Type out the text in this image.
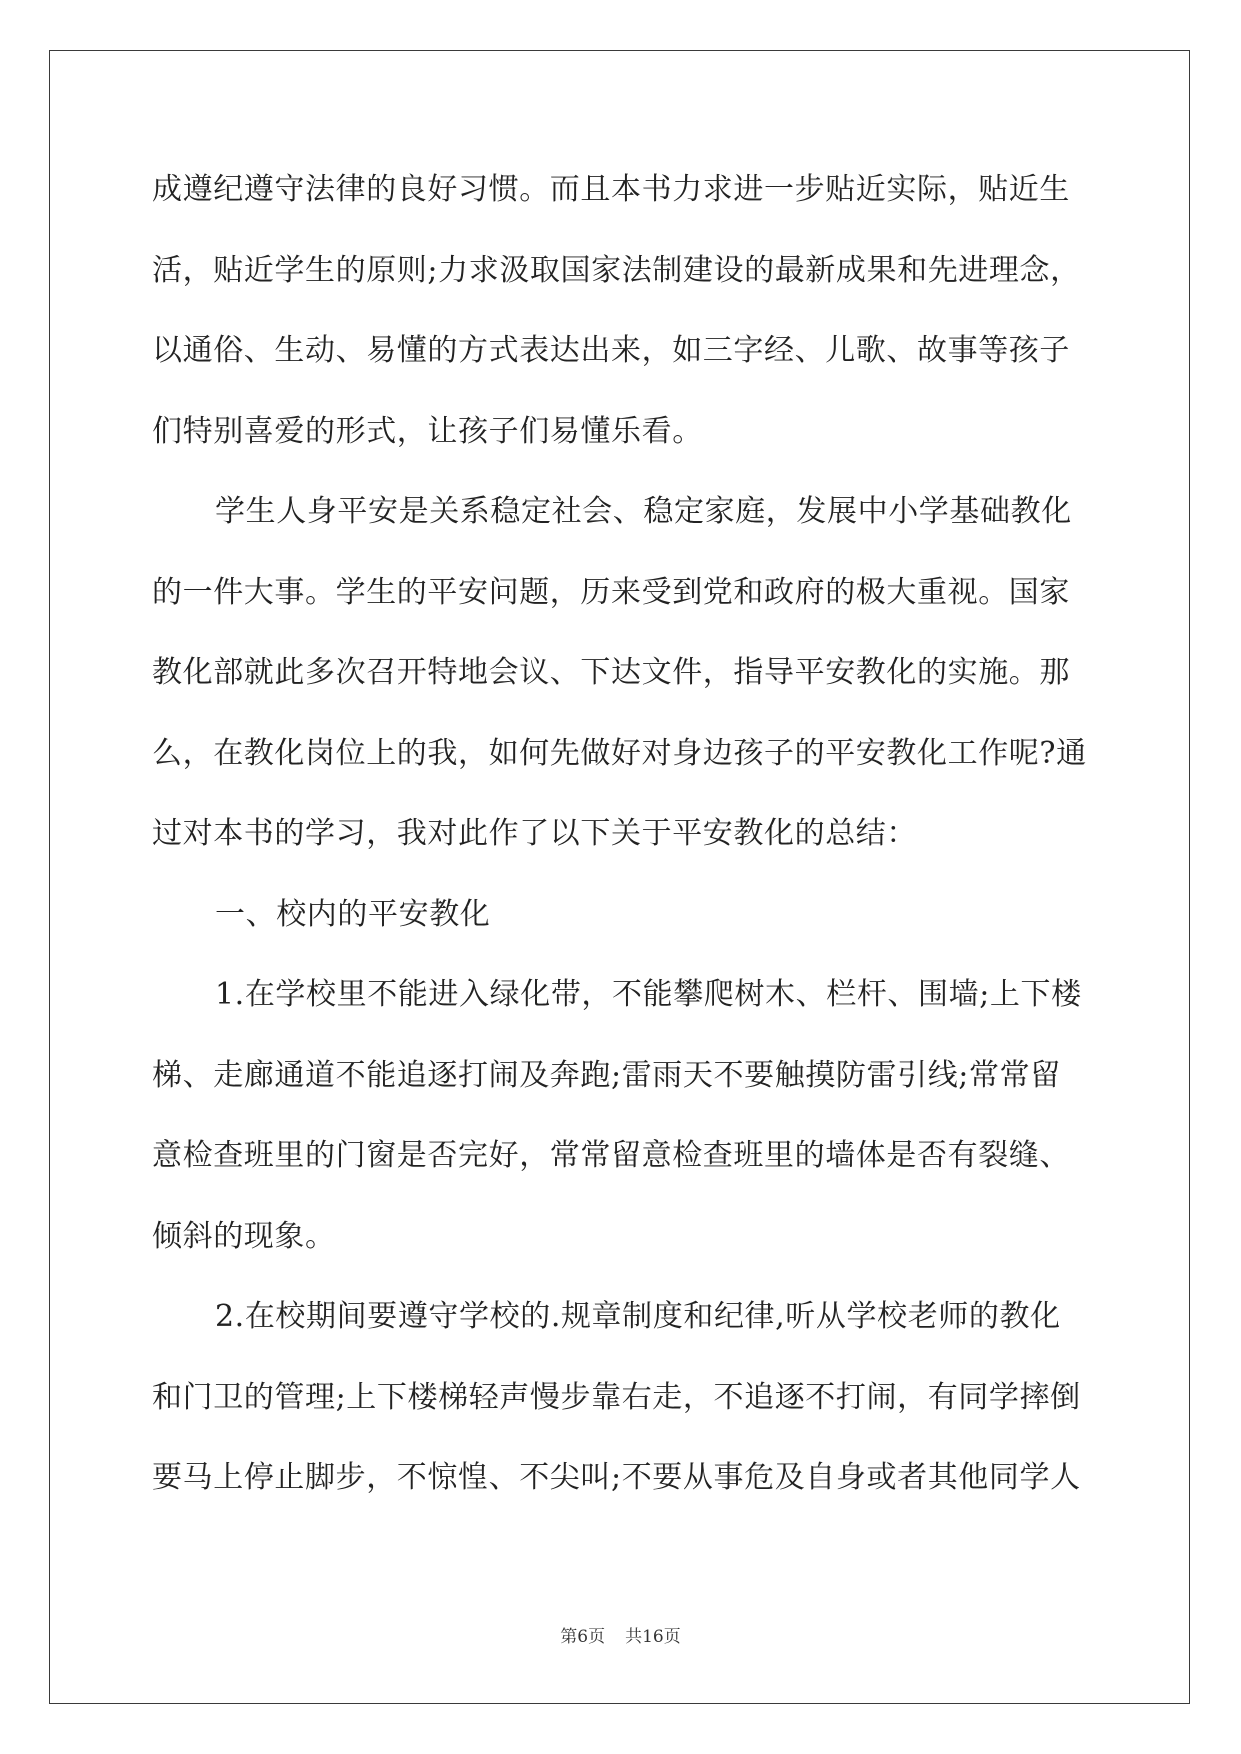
成遵纪遵守法律的良好习惯。而且本书力求进一步贴近实际，贴近生
活，贴近学生的原则;力求汲取国家法制建设的最新成果和先进理念，
以通俗、生动、易懂的方式表达出来，如三字经、儿歌、故事等孩子
们特别喜爱的形式，让孩子们易懂乐看。
学生人身平安是关系稳定社会、稳定家庭，发展中小学基础教化
的一件大事。学生的平安问题，历来受到党和政府的极大重视。国家
教化部就此多次召开特地会议、下达文件，指导平安教化的实施。那
么，在教化岗位上的我，如何先做好对身边孩子的平安教化工作呢?通
过对本书的学习，我对此作了以下关于平安教化的总结：
一、校内的平安教化
1.在学校里不能进入绿化带，不能攀爬树木、栏杆、围墙;上下楼
梯、走廊通道不能追逐打闹及奔跑;雷雨天不要触摸防雷引线;常常留
意检查班里的门窗是否完好，常常留意检查班里的墙体是否有裂缝、
倾斜的现象。
2.在校期间要遵守学校的.规章制度和纪律,听从学校老师的教化
和门卫的管理;上下楼梯轻声慢步靠右走，不追逐不打闹，有同学摔倒
要马上停止脚步，不惊惶、不尖叫;不要从事危及自身或者其他同学人
第6页 共16页
